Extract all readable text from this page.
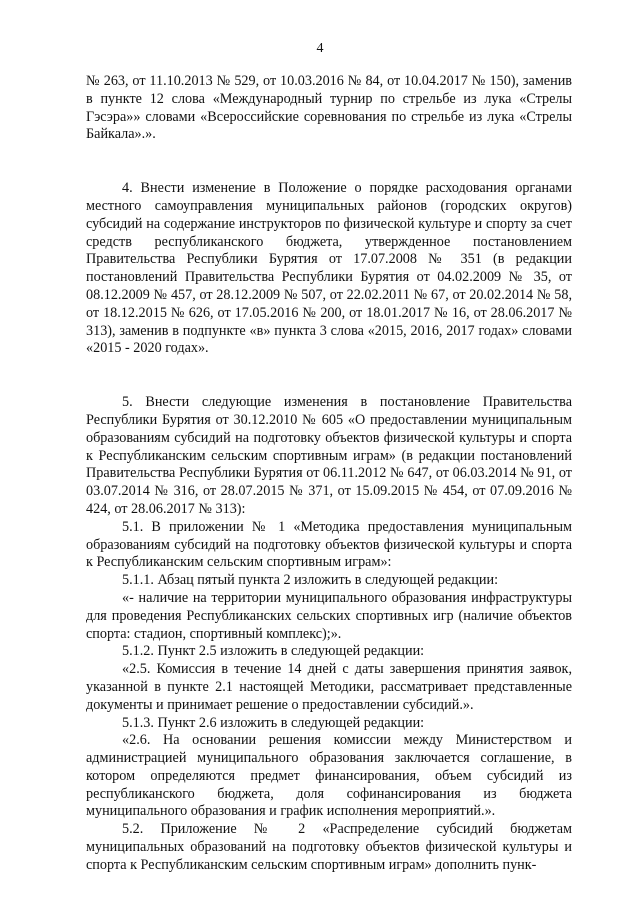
4

№ 263, от 11.10.2013 № 529, от 10.03.2016 № 84, от 10.04.2017 № 150), заменив в пункте 12 слова «Международный турнир по стрельбе из лука «Стрелы Гэсэра»» словами «Всероссийские соревнования по стрельбе из лука «Стрелы Байкала».».

4. Внести изменение в Положение о порядке расходования органами местного самоуправления муниципальных районов (городских округов) субсидий на содержание инструкторов по физической культуре и спорту за счет средств республиканского бюджета, утвержденное постановлением Правительства Республики Бурятия от 17.07.2008 № 351 (в редакции постановлений Правительства Республики Бурятия от 04.02.2009 № 35, от 08.12.2009 № 457, от 28.12.2009 № 507, от 22.02.2011 № 67, от 20.02.2014 № 58, от 18.12.2015 № 626, от 17.05.2016 № 200, от 18.01.2017 № 16, от 28.06.2017 № 313), заменив в подпункте «в» пункта 3 слова «2015, 2016, 2017 годах» словами «2015 - 2020 годах».

5. Внести следующие изменения в постановление Правительства Республики Бурятия от 30.12.2010 № 605 «О предоставлении муниципальным образованиям субсидий на подготовку объектов физической культуры и спорта к Республиканским сельским спортивным играм» (в редакции постановлений Правительства Республики Бурятия от 06.11.2012 № 647, от 06.03.2014 № 91, от 03.07.2014 № 316, от 28.07.2015 № 371, от 15.09.2015 № 454, от 07.09.2016 № 424, от 28.06.2017 № 313):

5.1. В приложении № 1 «Методика предоставления муниципальным образованиям субсидий на подготовку объектов физической культуры и спорта к Республиканским сельским спортивным играм»:

5.1.1. Абзац пятый пункта 2 изложить в следующей редакции:

«- наличие на территории муниципального образования инфраструктуры для проведения Республиканских сельских спортивных игр (наличие объектов спорта: стадион, спортивный комплекс);».

5.1.2. Пункт 2.5 изложить в следующей редакции:

«2.5. Комиссия в течение 14 дней с даты завершения принятия заявок, указанной в пункте 2.1 настоящей Методики, рассматривает представленные документы и принимает решение о предоставлении субсидий.».

5.1.3. Пункт 2.6 изложить в следующей редакции:

«2.6. На основании решения комиссии между Министерством и администрацией муниципального образования заключается соглашение, в котором определяются предмет финансирования, объем субсидий из республиканского бюджета, доля софинансирования из бюджета муниципального образования и график исполнения мероприятий.».

5.2. Приложение № 2 «Распределение субсидий бюджетам муниципальных образований на подготовку объектов физической культуры и спорта к Республиканским сельским спортивным играм» дополнить пунк-
